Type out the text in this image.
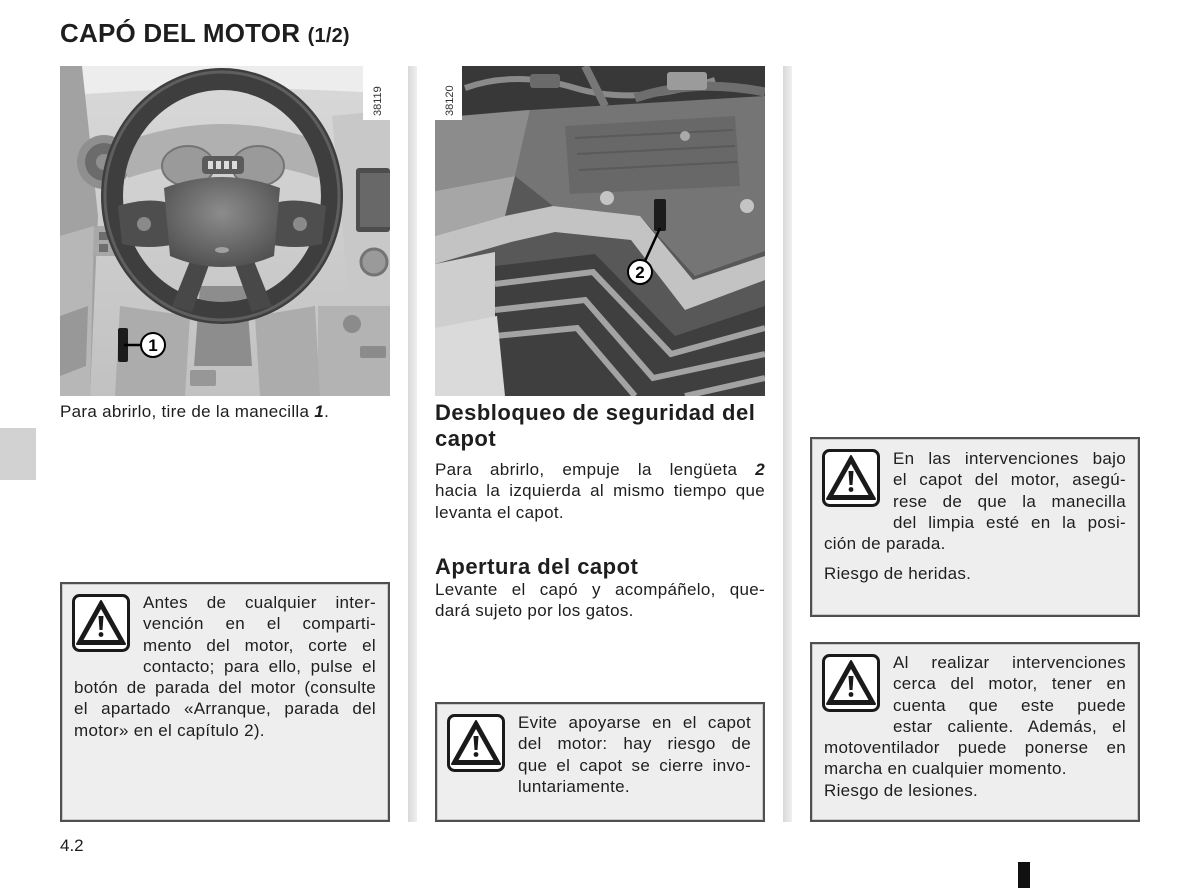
CAPÓ DEL MOTOR (1/2)
1
38119
Para abrirlo, tire de la manecilla 1.
2
38120
Desbloqueo de seguridad del capot
Para abrirlo, empuje la lengüeta 2
hacia la izquierda al mismo tiempo que
levanta el capot.
Apertura del capot
Levante el capó y acompáñelo, que-
dará sujeto por los gatos.
Antes de cualquier inter-
vención en el comparti-
mento del motor, corte el
contacto; para ello, pulse el
botón de parada del motor (consulte
el apartado «Arranque, parada del
motor» en el capítulo 2).	Evite apoyarse en el capot
del motor: hay riesgo de
que el capot se cierre invo-
luntariamente.
En las intervenciones bajo
el capot del motor, asegú-
rese de que la manecilla
del limpia esté en la posi-
ción de parada.
Riesgo de heridas.
Al realizar intervenciones
cerca del motor, tener en
cuenta que este puede
estar caliente. Además, el
motoventilador puede ponerse en
marcha en cualquier momento.
Riesgo de lesiones.
4.2
